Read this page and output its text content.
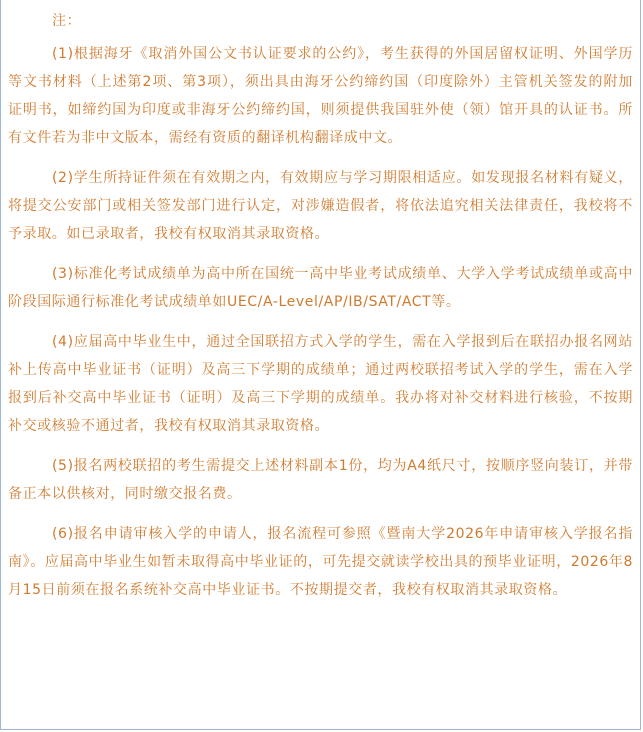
注：

(1)根据海牙《取消外国公文书认证要求的公约》，考生获得的外国居留权证明、外国学历等文书材料（上述第2项、第3项），须出具由海牙公约缔约国（印度除外）主管机关签发的附加证明书，如缔约国为印度或非海牙公约缔约国，则须提供我国驻外使（领）馆开具的认证书。所有文件若为非中文版本，需经有资质的翻译机构翻译成中文。

(2)学生所持证件须在有效期之内，有效期应与学习期限相适应。如发现报名材料有疑义，将提交公安部门或相关签发部门进行认定，对涉嫌造假者，将依法追究相关法律责任，我校将不予录取。如已录取者，我校有权取消其录取资格。

(3)标准化考试成绩单为高中所在国统一高中毕业考试成绩单、大学入学考试成绩单或高中阶段国际通行标准化考试成绩单如UEC/A-Level/AP/IB/SAT/ACT等。

(4)应届高中毕业生中，通过全国联招方式入学的学生，需在入学报到后在联招办报名网站补上传高中毕业证书（证明）及高三下学期的成绩单；通过两校联招考试入学的学生，需在入学报到后补交高中毕业证书（证明）及高三下学期的成绩单。我办将对补交材料进行核验，不按期补交或核验不通过者，我校有权取消其录取资格。

(5)报名两校联招的考生需提交上述材料副本1份，均为A4纸尺寸，按顺序竖向装订，并带备正本以供核对，同时缴交报名费。

(6)报名申请审核入学的申请人，报名流程可参照《暨南大学2026年申请审核入学报名指南》。应届高中毕业生如暂未取得高中毕业证的，可先提交就读学校出具的预毕业证明，2026年8月15日前须在报名系统补交高中毕业证书。不按期提交者，我校有权取消其录取资格。
